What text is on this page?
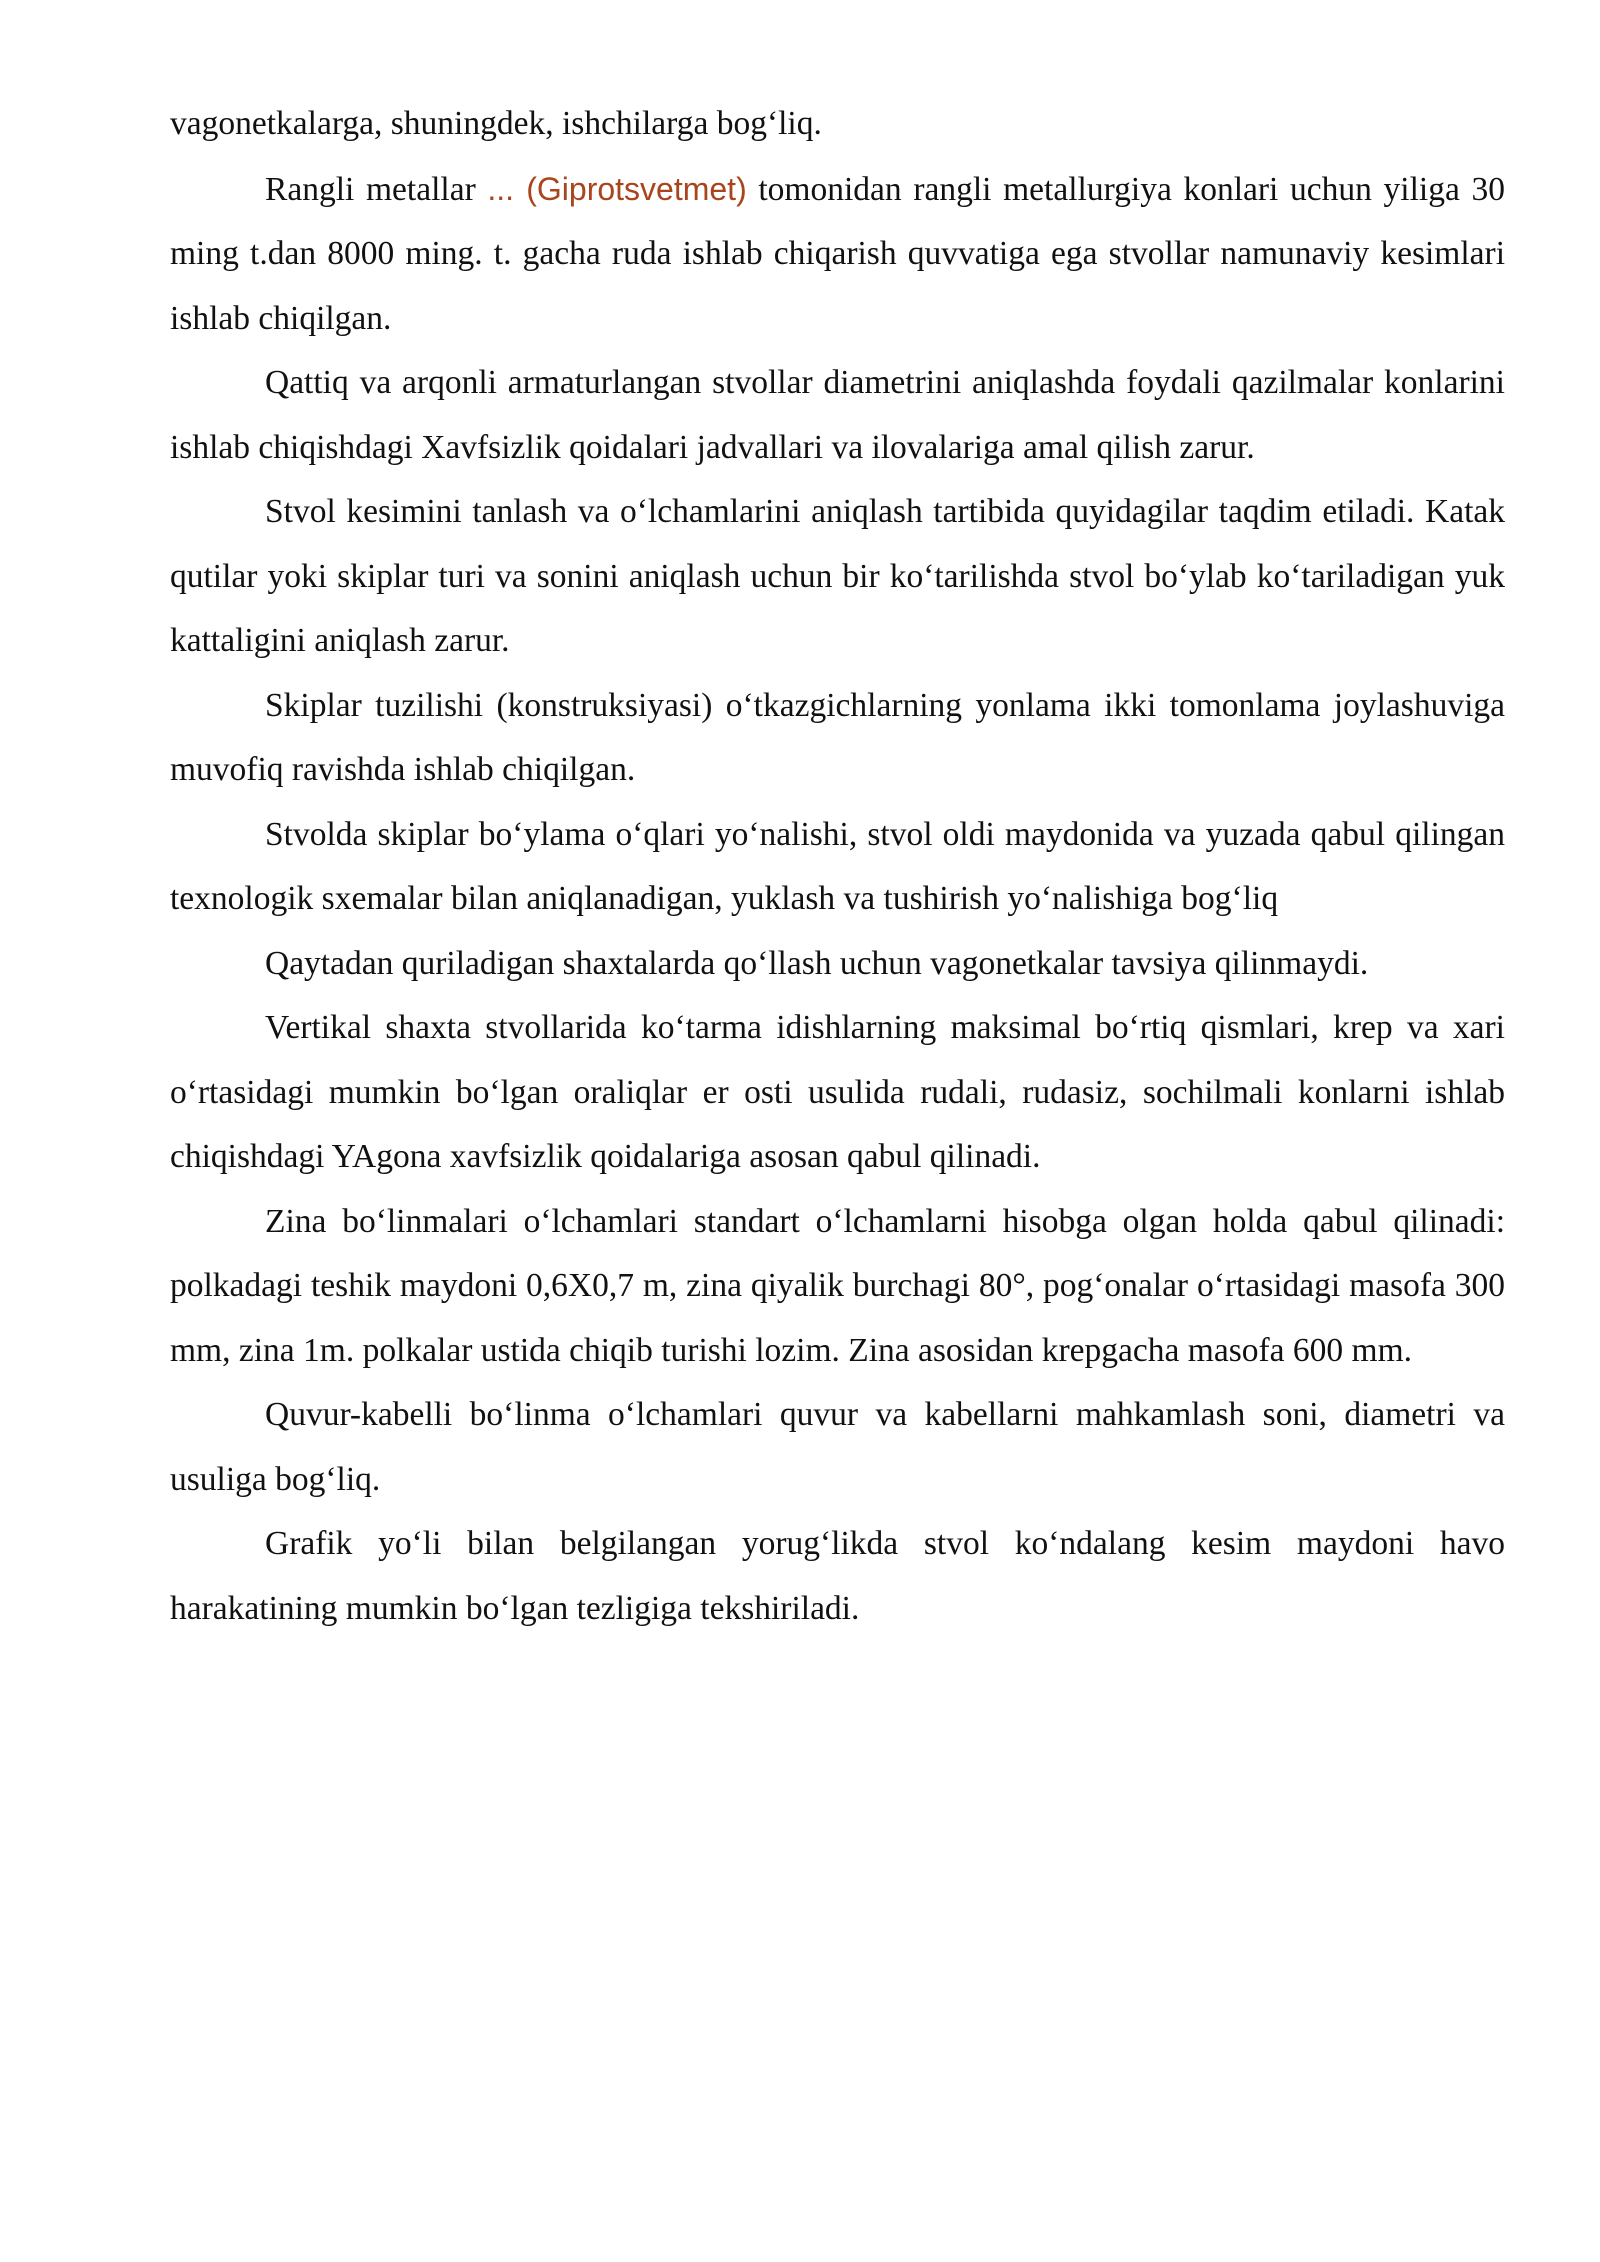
vagonetkalarga, shuningdek, ishchilarga bog‘liq.

Rangli metallar ... (Giprotsvetmet) tomonidan rangli metallurgiya konlari uchun yiliga 30 ming t.dan 8000 ming. t. gacha ruda ishlab chiqarish quvvatiga ega stvollar namunaviy kesimlari ishlab chiqilgan.

Qattiq va arqonli armaturlangan stvollar diametrini aniqlashda foydali qazilmalar konlarini ishlab chiqishdagi Xavfsizlik qoidalari jadvallari va ilovalariga amal qilish zarur.

Stvol kesimini tanlash va o‘lchamlarini aniqlash tartibida quyidagilar taqdim etiladi. Katak qutilar yoki skiplar turi va sonini aniqlash uchun bir ko‘tarilishda stvol bo‘ylab ko‘tariladigan yuk kattaligini aniqlash zarur.

Skiplar tuzilishi (konstruksiyasi) o‘tkazgichlarning yonlama ikki tomonlama joylashuviga muvofiq ravishda ishlab chiqilgan.

Stvolda skiplar bo‘ylama o‘qlari yo‘nalishi, stvol oldi maydonida va yuzada qabul qilingan texnologik sxemalar bilan aniqlanadigan, yuklash va tushirish yo‘nalishiga bog‘liq

Qaytadan quriladigan shaxtalarda qo‘llash uchun vagonetkalar tavsiya qilinmaydi.

Vertikal shaxta stvollarida ko‘tarma idishlarning maksimal bo‘rtiq qismlari, krep va xari o‘rtasidagi mumkin bo‘lgan oraliqlar er osti usulida rudali, rudasiz, sochilmali konlarni ishlab chiqishdagi YAgona xavfsizlik qoidalariga asosan qabul qilinadi.

Zina bo‘linmalari o‘lchamlari standart o‘lchamlarni hisobga olgan holda qabul qilinadi: polkadagi teshik maydoni 0,6X0,7 m, zina qiyalik burchagi 80°, pog‘onalar o‘rtasidagi masofa 300 mm, zina 1m. polkalar ustida chiqib turishi lozim. Zina asosidan krepgacha masofa 600 mm.

Quvur-kabelli bo‘linma o‘lchamlari quvur va kabellarni mahkamlash soni, diametri va usuliga bog‘liq.

Grafik yo‘li bilan belgilangan yorug‘likda stvol ko‘ndalang kesim maydoni havo harakatining mumkin bo‘lgan tezligiga tekshiriladi.
